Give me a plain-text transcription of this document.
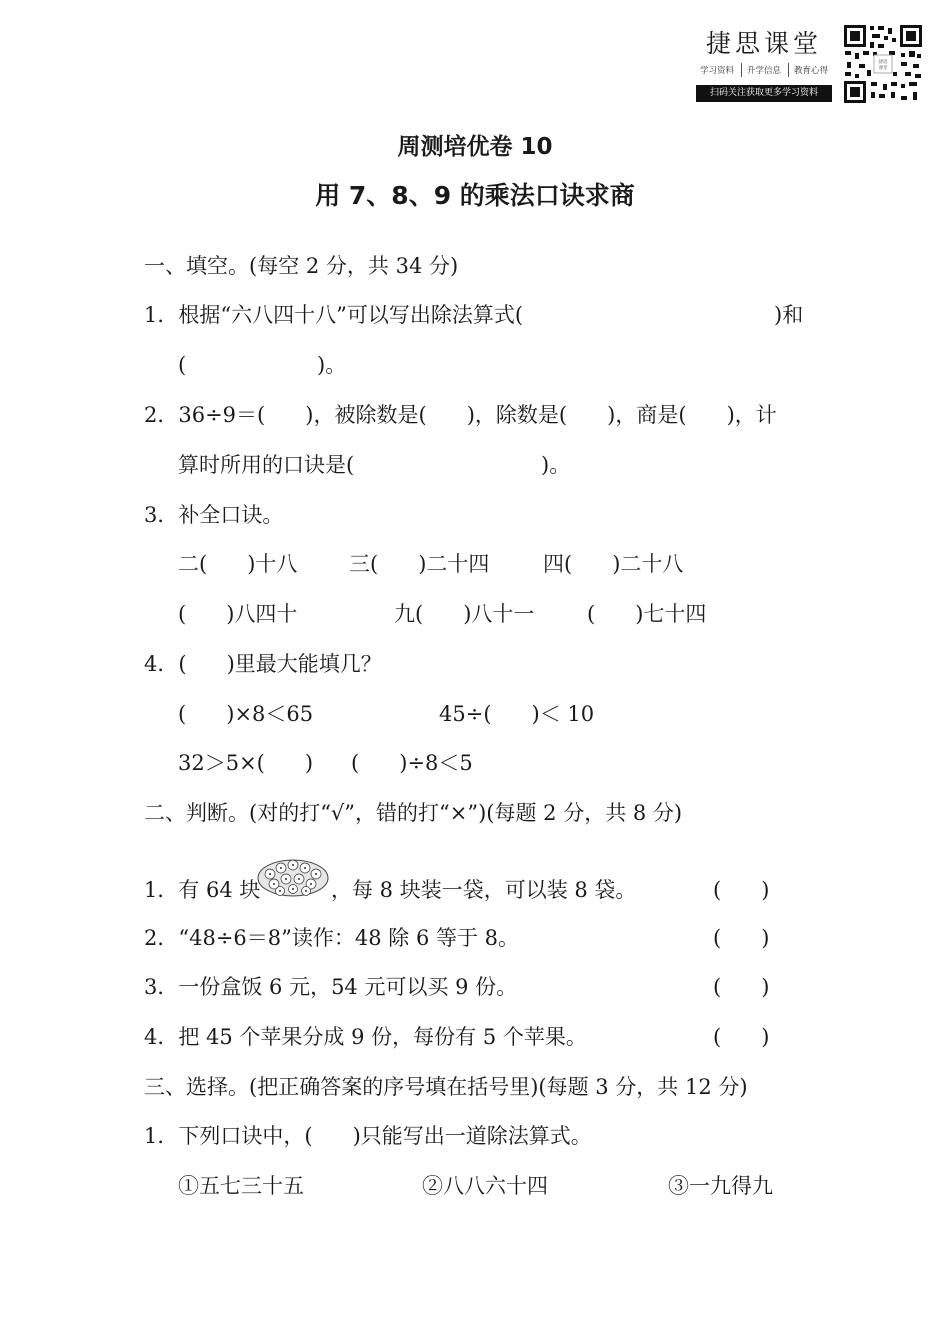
捷思课堂
学习资料 升学信息 教育心得
扫码关注获取更多学习资料
捷思
课堂
周测培优卷 10
用 7、8、9 的乘法口诀求商
一、填空。(每空 2 分，共 34 分)
1．根据“六八四十八”可以写出除法算式(	)和
(	)。
2．36÷9＝(      )，被除数是(      )，除数是(      )，商是(      )，计
算时所用的口诀是(	)。
3．补全口诀。
二(      )十八 三(      )二十四	四(      )二十八
(      )八四十	九(      )八十一	(      )七十四
4．(      )里最大能填几？
(      )×8＜65	45÷(      )＜ 10
32＞5×(      ) (      )÷8＜5
二、判断。(对的打“√”，错的打“×”)(每题 2 分，共 8 分)
1．有 64 块	，每 8 块装一袋，可以装 8 袋。	(      )
2．“48÷6＝8”读作：48 除 6 等于 8。	(      )
3．一份盒饭 6 元，54 元可以买 9 份。	(      )
4．把 45 个苹果分成 9 份，每份有 5 个苹果。	(      )
三、选择。(把正确答案的序号填在括号里)(每题 3 分，共 12 分)
1．下列口诀中，(      )只能写出一道除法算式。
①五七三十五	②八八六十四	③一九得九
